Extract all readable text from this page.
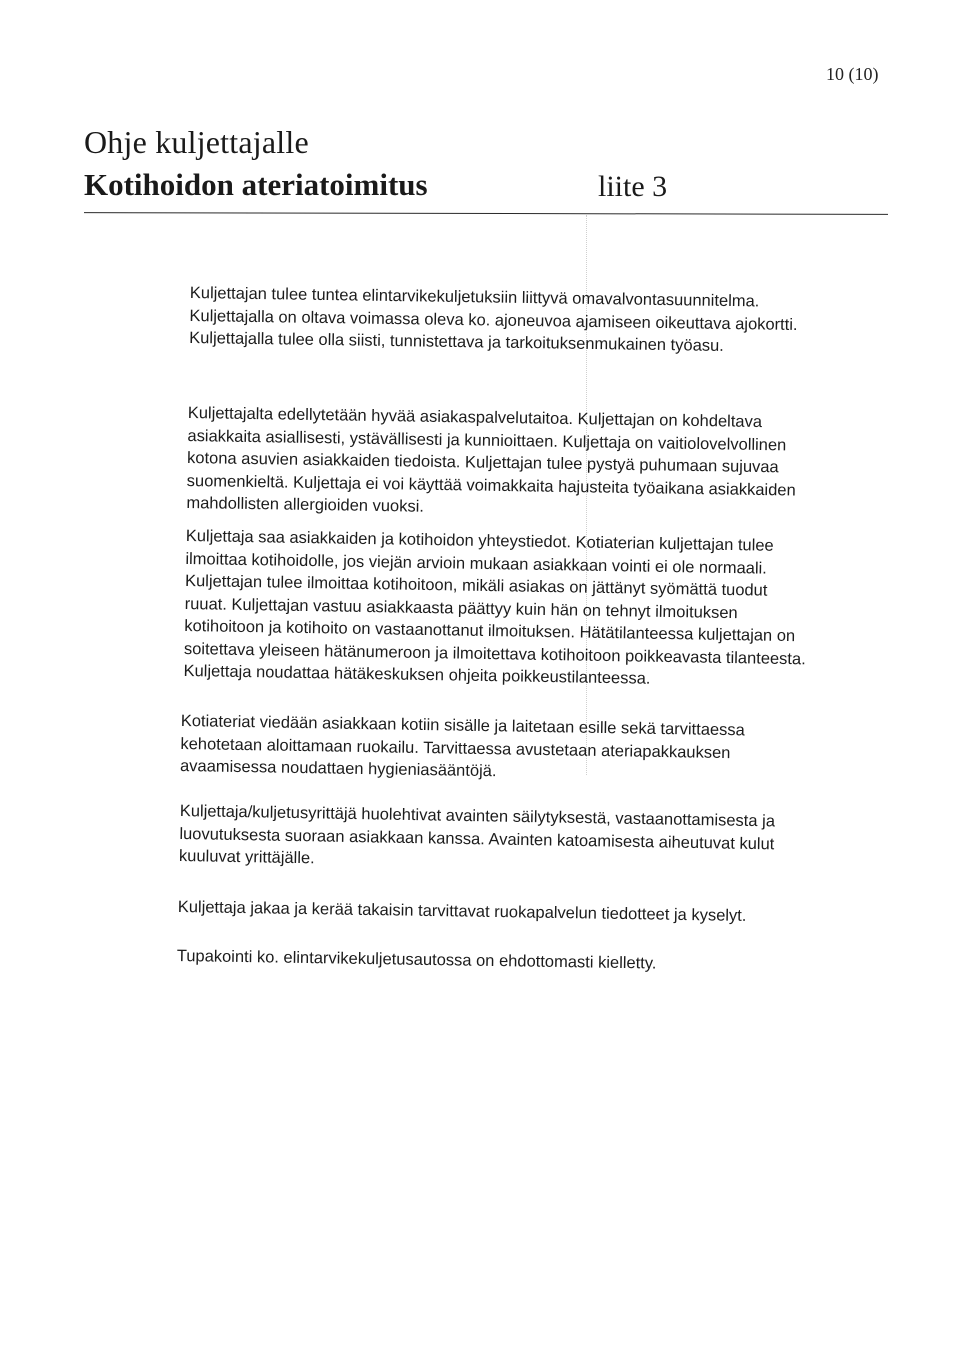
10 (10)
Ohje kuljettajalle
Kotihoidon ateriatoimitus	liite 3
Kuljettajan tulee tuntea elintarvikekuljetuksiin liittyvä omavalvontasuunnitelma.
Kuljettajalla on oltava voimassa oleva ko. ajoneuvoa ajamiseen oikeuttava ajokortti.
Kuljettajalla tulee olla siisti, tunnistettava ja tarkoituksenmukainen työasu.
Kuljettajalta edellytetään hyvää asiakaspalvelutaitoa. Kuljettajan on kohdeltava
asiakkaita asiallisesti, ystävällisesti ja kunnioittaen. Kuljettaja on vaitiolovelvollinen
kotona asuvien asiakkaiden tiedoista. Kuljettajan tulee pystyä puhumaan sujuvaa
suomenkieltä. Kuljettaja ei voi käyttää voimakkaita hajusteita työaikana asiakkaiden
mahdollisten allergioiden vuoksi.
Kuljettaja saa asiakkaiden ja kotihoidon yhteystiedot. Kotiaterian kuljettajan tulee
ilmoittaa kotihoidolle, jos viejän arvioin mukaan asiakkaan vointi ei ole normaali.
Kuljettajan tulee ilmoittaa kotihoitoon, mikäli asiakas on jättänyt syömättä tuodut
ruuat. Kuljettajan vastuu asiakkaasta päättyy kuin hän on tehnyt ilmoituksen
kotihoitoon ja kotihoito on vastaanottanut ilmoituksen. Hätätilanteessa kuljettajan on
soitettava yleiseen hätänumeroon ja ilmoitettava kotihoitoon poikkeavasta tilanteesta.
Kuljettaja noudattaa hätäkeskuksen ohjeita poikkeustilanteessa.
Kotiateriat viedään asiakkaan kotiin sisälle ja laitetaan esille sekä tarvittaessa
kehotetaan aloittamaan ruokailu. Tarvittaessa avustetaan ateriapakkauksen
avaamisessa noudattaen hygieniasääntöjä.
Kuljettaja/kuljetusyrittäjä huolehtivat avainten säilytyksestä, vastaanottamisesta ja
luovutuksesta suoraan asiakkaan kanssa. Avainten katoamisesta aiheutuvat kulut
kuuluvat yrittäjälle.
Kuljettaja jakaa ja kerää takaisin tarvittavat ruokapalvelun tiedotteet ja kyselyt.
Tupakointi ko. elintarvikekuljetusautossa on ehdottomasti kielletty.
